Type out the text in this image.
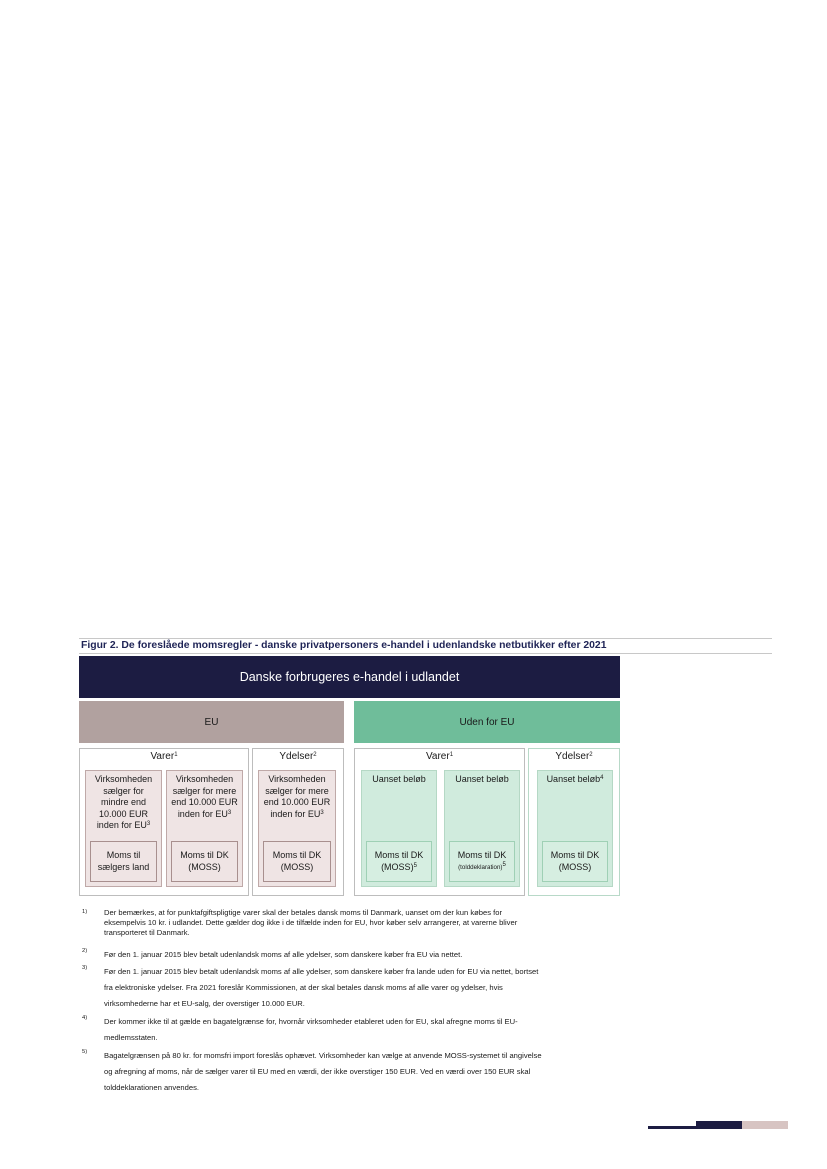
Figur 2. De foreslåede momsregler - danske privatpersoners e-handel i udenlandske netbutikker efter 2021
Danske forbrugeres e-handel i udlandet
EU	Uden for EU
Varer$^1$	Ydelser$^2$	Varer$^1$	Ydelser$^2$
Virksomheden
sælger for
mindre end
10.000 EUR
inden for $EU^3$
Moms til
sælgers land
Virksomheden
sælger for mere
end 10.000 EUR
inden for $EU^3$
Moms til DK
(MOSS)
Virksomheden
sælger for mere
end 10.000 EUR
inden for $EU^3$
Moms til DK
(MOSS)
Uanset beløb
Moms til DK
(MOSS)$^5$
Uanset beløb
Moms til DK
(tolddeklaration)$^5$
Uanset beløb$^4$
Moms til DK
(MOSS)
1) Der bemærkes, at for punktafgiftspligtige varer skal der betales dansk moms til Danmark, uanset om der kun købes for
eksempelvis 10 kr. i udlandet. Dette gælder dog ikke i de tilfælde inden for EU, hvor køber selv arrangerer, at varerne bliver
transporteret til Danmark.
2) Før den 1. januar 2015 blev betalt udenlandsk moms af alle ydelser, som danskere køber fra EU via nettet.
3) Før den 1. januar 2015 blev betalt udenlandsk moms af alle ydelser, som danskere køber fra lande uden for EU via nettet, bortset
fra elektroniske ydelser. Fra 2021 foreslår Kommissionen, at der skal betales dansk moms af alle varer og ydelser, hvis
virksomhederne har et EU-salg, der overstiger 10.000 EUR.
4) Der kommer ikke til at gælde en bagatelgrænse for, hvornår virksomheder etableret uden for EU, skal afregne moms til EU-
medlemsstaten.
5) Bagatelgrænsen på 80 kr. for momsfri import foreslås ophævet. Virksomheder kan vælge at anvende MOSS-systemet til angivelse
og afregning af moms, når de sælger varer til EU med en værdi, der ikke overstiger 150 EUR. Ved en værdi over 150 EUR skal
tolddeklarationen anvendes.
